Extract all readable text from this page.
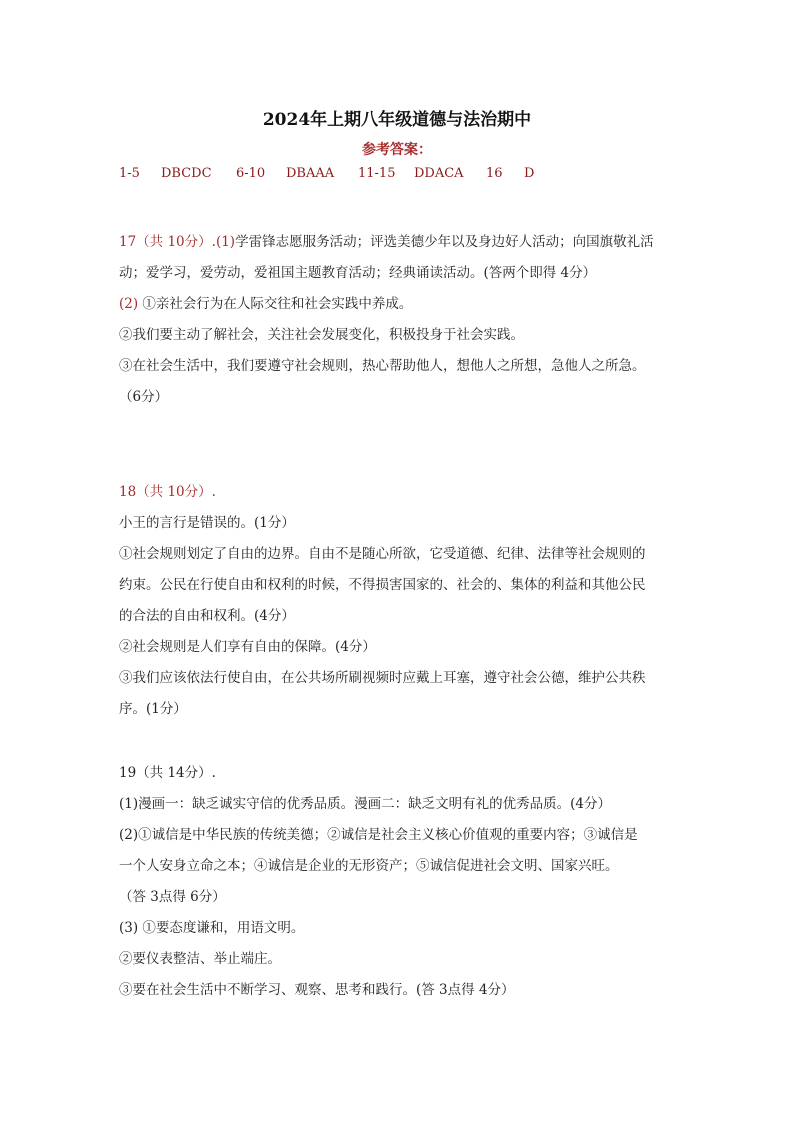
2024年上期八年级道德与法治期中
参考答案：
1-5 DBCDC 6-10 DBAAA 11-15 DDACA 16 D
17（共 10分）.(1)学雷锋志愿服务活动；评选美德少年以及身边好人活动；向国旗敬礼活
动；爱学习，爱劳动，爱祖国主题教育活动；经典诵读活动。(答两个即得 4分）
(2) ①亲社会行为在人际交往和社会实践中养成。
②我们要主动了解社会，关注社会发展变化，积极投身于社会实践。
③在社会生活中，我们要遵守社会规则，热心帮助他人，想他人之所想，急他人之所急。
（6分）
18（共 10分）.
小王的言行是错误的。(1分）
①社会规则划定了自由的边界。自由不是随心所欲，它受道德、纪律、法律等社会规则的
约束。公民在行使自由和权利的时候，不得损害国家的、社会的、集体的利益和其他公民
的合法的自由和权利。(4分）
②社会规则是人们享有自由的保障。(4分）
③我们应该依法行使自由，在公共场所刷视频时应戴上耳塞，遵守社会公德，维护公共秩
序。(1分）
19（共 14分）.
(1)漫画一：缺乏诚实守信的优秀品质。漫画二：缺乏文明有礼的优秀品质。(4分）
(2)①诚信是中华民族的传统美德；②诚信是社会主义核心价值观的重要内容；③诚信是
一个人安身立命之本；④诚信是企业的无形资产；⑤诚信促进社会文明、国家兴旺。
（答 3点得 6分）
(3) ①要态度谦和，用语文明。
②要仪表整洁、举止端庄。
③要在社会生活中不断学习、观察、思考和践行。(答 3点得 4分）
